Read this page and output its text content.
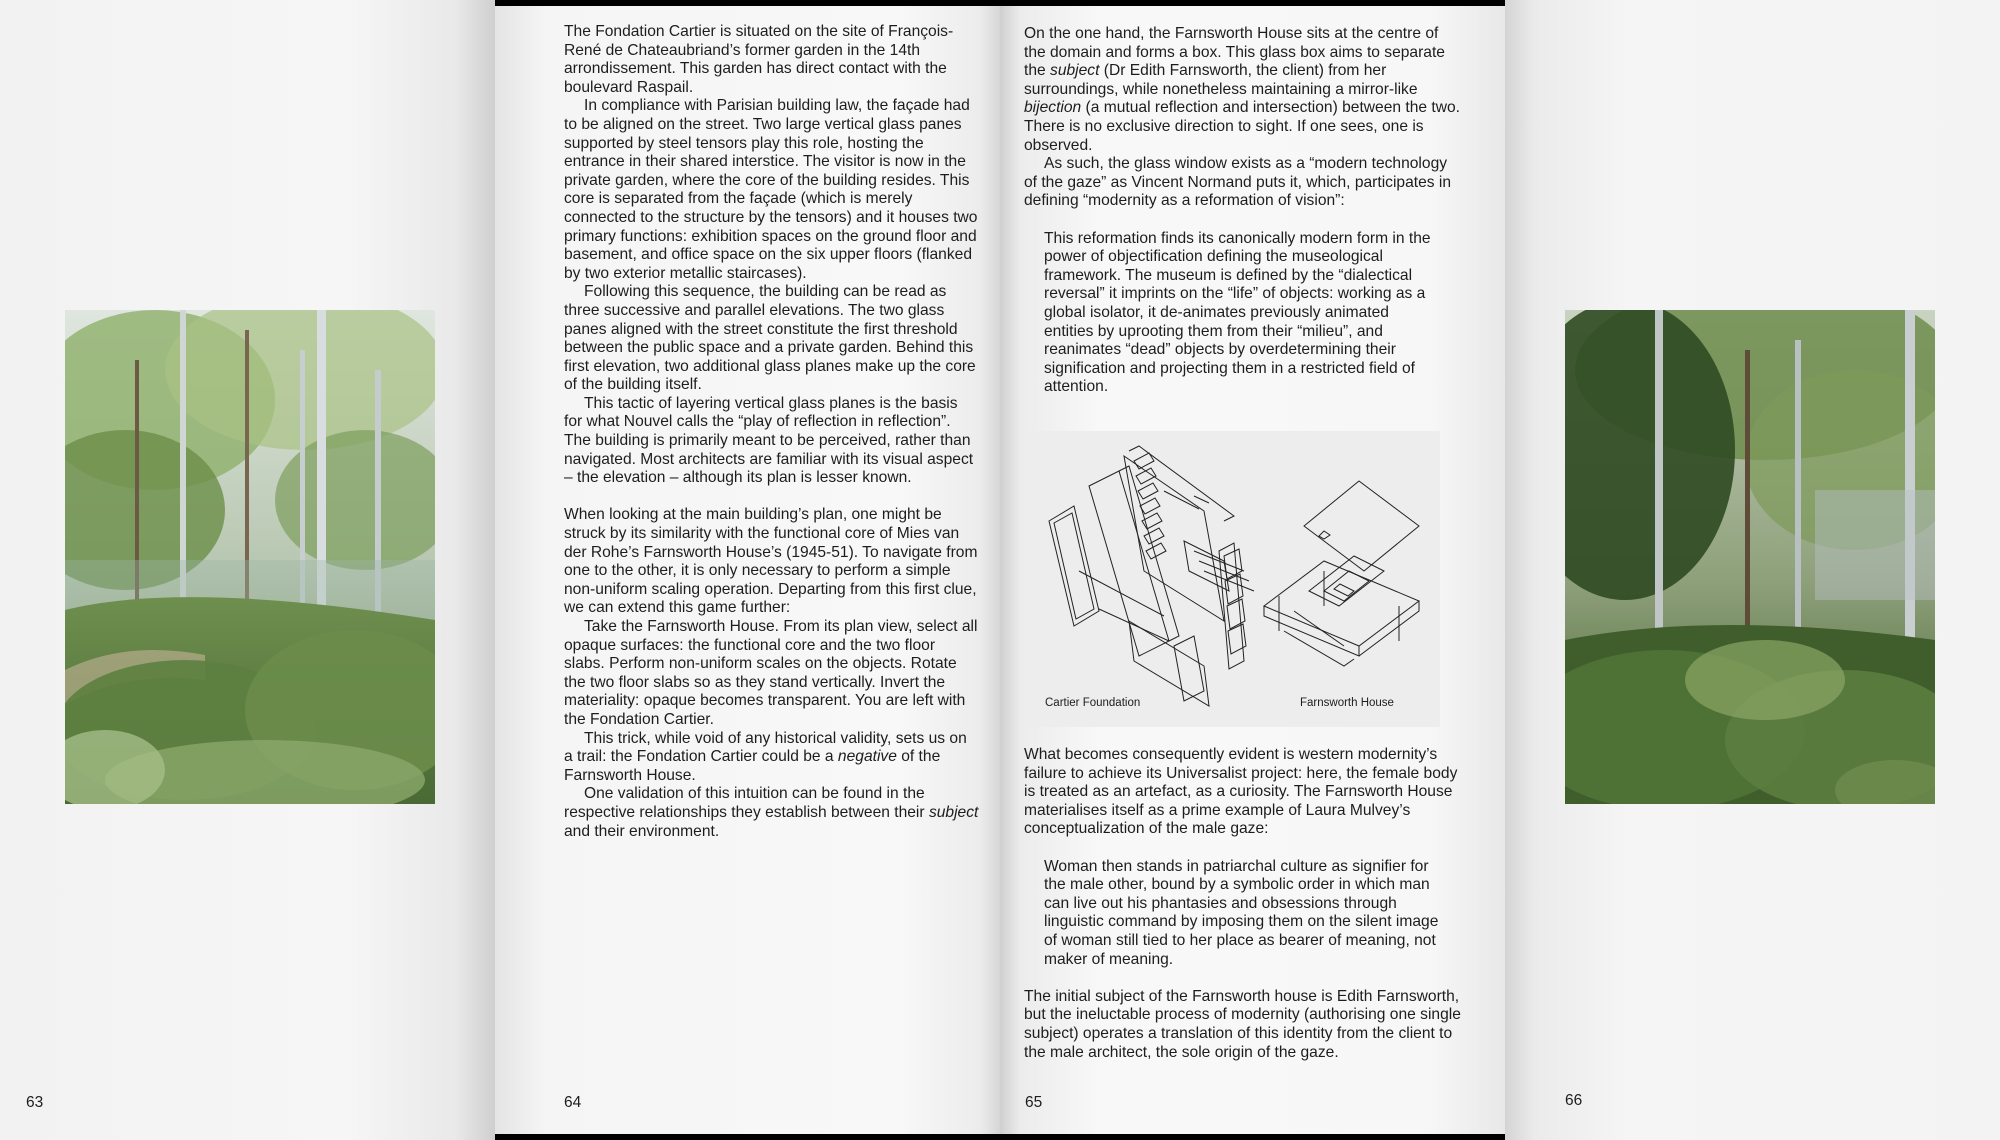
63

The Fondation Cartier is situated on the site of François-René de Chateaubriand’s former garden in the 14th arrondissement. This garden has direct contact with the boulevard Raspail.

In compliance with Parisian building law, the façade had to be aligned on the street. Two large vertical glass panes supported by steel tensors play this role, hosting the entrance in their shared interstice. The visitor is now in the private garden, where the core of the building resides. This core is separated from the façade (which is merely connected to the structure by the tensors) and it houses two primary functions: exhibition spaces on the ground floor and basement, and office space on the six upper floors (flanked by two exterior metallic staircases).

Following this sequence, the building can be read as three successive and parallel elevations. The two glass panes aligned with the street constitute the first threshold between the public space and a private garden. Behind this first elevation, two additional glass planes make up the core of the building itself.

This tactic of layering vertical glass planes is the basis for what Nouvel calls the “play of reflection in reflection”. The building is primarily meant to be perceived, rather than navigated. Most architects are familiar with its visual aspect – the elevation – although its plan is lesser known.

When looking at the main building’s plan, one might be struck by its similarity with the functional core of Mies van der Rohe’s Farnsworth House’s (1945-51). To navigate from one to the other, it is only necessary to perform a simple non-uniform scaling operation. Departing from this first clue, we can extend this game further:

Take the Farnsworth House. From its plan view, select all opaque surfaces: the functional core and the two floor slabs. Perform non-uniform scales on the objects. Rotate the two floor slabs so as they stand vertically. Invert the materiality: opaque becomes transparent. You are left with the Fondation Cartier.

This trick, while void of any historical validity, sets us on a trail: the Fondation Cartier could be a negative of the Farnsworth House.

One validation of this intuition can be found in the respective relationships they establish between their subject and their environment.

64

On the one hand, the Farnsworth House sits at the centre of the domain and forms a box. This glass box aims to separate the subject (Dr Edith Farnsworth, the client) from her surroundings, while nonetheless maintaining a mirror-like bijection (a mutual reflection and intersection) between the two. There is no exclusive direction to sight. If one sees, one is observed.

As such, the glass window exists as a “modern technology of the gaze” as Vincent Normand puts it, which, participates in defining “modernity as a reformation of vision”:

This reformation finds its canonically modern form in the power of objectification defining the museological framework. The museum is defined by the “dialectical reversal” it imprints on the “life” of objects: working as a global isolator, it de-animates previously animated entities by uprooting them from their “milieu”, and reanimates “dead” objects by overdetermining their signification and projecting them in a restricted field of attention.

Cartier Foundation	Farnsworth House

What becomes consequently evident is western modernity’s failure to achieve its Universalist project: here, the female body is treated as an artefact, as a curiosity. The Farnsworth House materialises itself as a prime example of Laura Mulvey’s conceptualization of the male gaze:

Woman then stands in patriarchal culture as signifier for the male other, bound by a symbolic order in which man can live out his phantasies and obsessions through linguistic command by imposing them on the silent image of woman still tied to her place as bearer of meaning, not maker of meaning.

The initial subject of the Farnsworth house is Edith Farnsworth, but the ineluctable process of modernity (authorising one single subject) operates a translation of this identity from the client to the male architect, the sole origin of the gaze.

65	66
